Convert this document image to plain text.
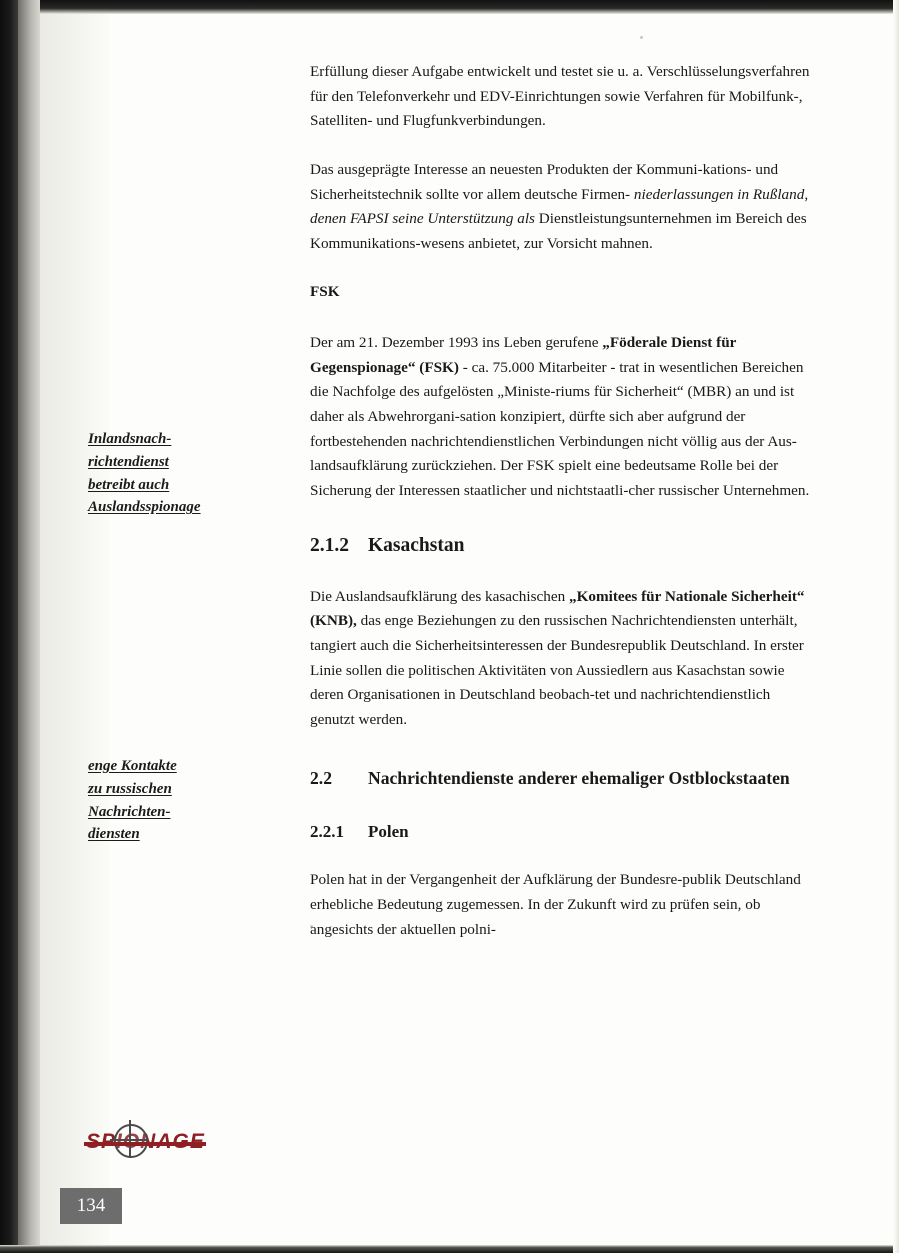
Inlandsnach-
richtendienst
betreibt auch
Auslandsspionage
enge Kontakte
zu russischen
Nachrichten-
diensten

Erfüllung dieser Aufgabe entwickelt und testet sie u. a. Verschlüsselungsverfahren für den Telefonverkehr und EDV-Einrichtungen sowie Verfahren für Mobilfunk-, Satelliten- und Flugfunkverbindungen.

Das ausgeprägte Interesse an neuesten Produkten der Kommuni-kations- und Sicherheitstechnik sollte vor allem deutsche Firmen- niederlassungen in Rußland, denen FAPSI seine Unterstützung als Dienstleistungsunternehmen im Bereich des Kommunikations-wesens anbietet, zur Vorsicht mahnen.

FSK

Der am 21. Dezember 1993 ins Leben gerufene „Föderale Dienst für Gegenspionage“ (FSK) - ca. 75.000 Mitarbeiter - trat in wesentlichen Bereichen die Nachfolge des aufgelösten „Ministe-riums für Sicherheit“ (MBR) an und ist daher als Abwehrorgani-sation konzipiert, dürfte sich aber aufgrund der fortbestehenden nachrichtendienstlichen Verbindungen nicht völlig aus der Aus-landsaufklärung zurückziehen. Der FSK spielt eine bedeutsame Rolle bei der Sicherung der Interessen staatlicher und nichtstaatli-cher russischer Unternehmen.

2.1.2 Kasachstan

Die Auslandsaufklärung des kasachischen „Komitees für Nationale Sicherheit“ (KNB), das enge Beziehungen zu den russischen Nachrichtendiensten unterhält, tangiert auch die Sicherheitsinteressen der Bundesrepublik Deutschland. In erster Linie sollen die politischen Aktivitäten von Aussiedlern aus Kasachstan sowie deren Organisationen in Deutschland beobach-tet und nachrichtendienstlich genutzt werden.

2.2 Nachrichtendienste anderer ehemaliger Ostblockstaaten
2.2.1 Polen

Polen hat in der Vergangenheit der Aufklärung der Bundesre-publik Deutschland erhebliche Bedeutung zugemessen. In der Zukunft wird zu prüfen sein, ob angesichts der aktuellen polni-

134
